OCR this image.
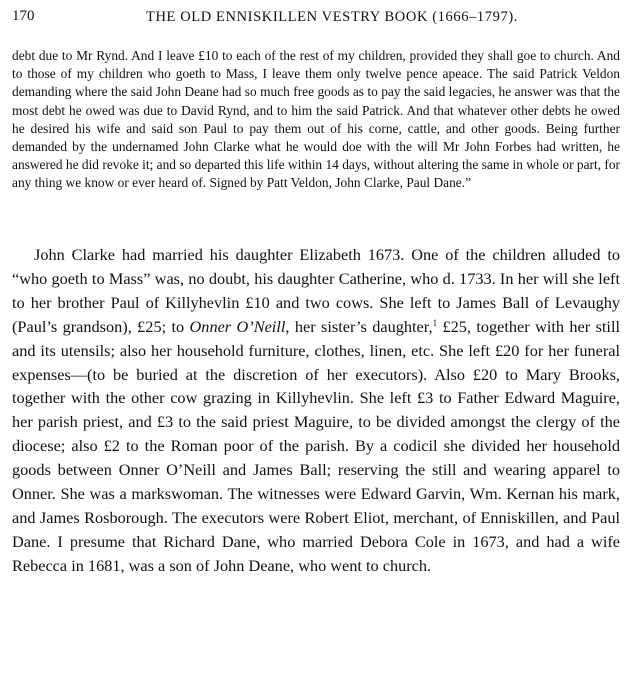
170	THE OLD ENNISKILLEN VESTRY BOOK (1666–1797).

debt due to Mr Rynd. And I leave £10 to each of the rest of my children, provided they shall goe to church. And to those of my children who goeth to Mass, I leave them only twelve pence apeace. The said Patrick Veldon demanding where the said John Deane had so much free goods as to pay the said legacies, he answer was that the most debt he owed was due to David Rynd, and to him the said Patrick. And that whatever other debts he owed he desired his wife and said son Paul to pay them out of his corne, cattle, and other goods. Being further demanded by the undernamed John Clarke what he would doe with the will Mr John Forbes had written, he answered he did revoke it; and so departed this life within 14 days, without altering the same in whole or part, for any thing we know or ever heard of. Signed by Patt Veldon, John Clarke, Paul Dane.”

John Clarke had married his daughter Elizabeth 1673. One of the children alluded to “who goeth to Mass” was, no doubt, his daughter Catherine, who d. 1733. In her will she left to her brother Paul of Killyhevlin £10 and two cows. She left to James Ball of Levaughy (Paul’s grandson), £25; to Onner O’Neill, her sister’s daughter,$^1$ £25, together with her still and its utensils; also her household furniture, clothes, linen, etc. She left £20 for her funeral expenses—(to be buried at the discretion of her executors). Also £20 to Mary Brooks, together with the other cow grazing in Killyhevlin. She left £3 to Father Edward Maguire, her parish priest, and £3 to the said priest Maguire, to be divided amongst the clergy of the diocese; also £2 to the Roman poor of the parish. By a codicil she divided her household goods between Onner O’Neill and James Ball; reserving the still and wearing apparel to Onner. She was a markswoman. The witnesses were Edward Garvin, Wm. Kernan his mark, and James Rosborough. The executors were Robert Eliot, merchant, of Enniskillen, and Paul Dane. I presume that Richard Dane, who married Debora Cole in 1673, and had a wife Rebecca in 1681, was a son of John Deane, who went to church.
